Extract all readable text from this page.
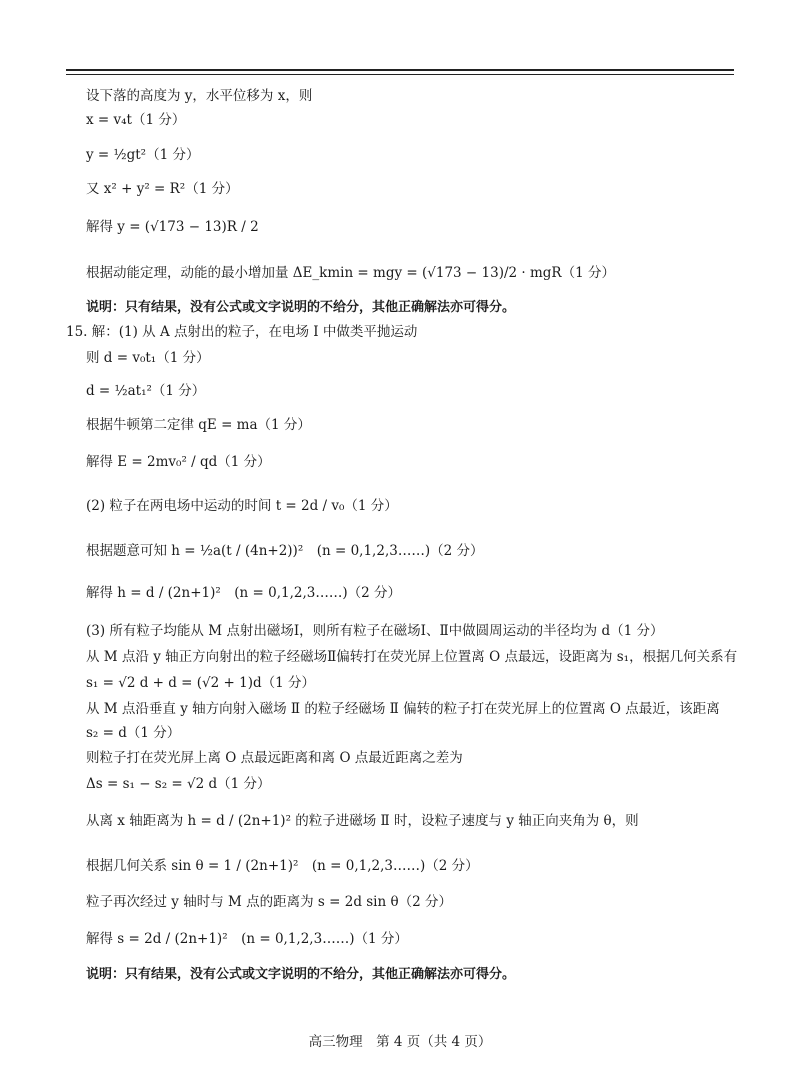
设下落的高度为 y，水平位移为 x，则
x = v₄t（1 分）
y = ½gt²（1 分）
又 x² + y² = R²（1 分）
解得 y = (√173 − 13)R / 2
根据动能定理，动能的最小增加量 ΔE_kmin = mgy = (√173 − 13)/2 · mgR（1 分）
说明：只有结果，没有公式或文字说明的不给分，其他正确解法亦可得分。
15. 解：(1) 从 A 点射出的粒子，在电场 Ⅰ 中做类平抛运动
则 d = v₀t₁（1 分）
d = ½at₁²（1 分）
根据牛顿第二定律 qE = ma（1 分）
解得 E = 2mv₀² / qd（1 分）
(2) 粒子在两电场中运动的时间 t = 2d / v₀（1 分）
根据题意可知 h = ½a(t / (4n+2))²　(n = 0,1,2,3……)（2 分）
解得 h = d / (2n+1)²　(n = 0,1,2,3……)（2 分）
(3) 所有粒子均能从 M 点射出磁场Ⅰ，则所有粒子在磁场Ⅰ、Ⅱ中做圆周运动的半径均为 d（1 分）
从 M 点沿 y 轴正方向射出的粒子经磁场Ⅱ偏转打在荧光屏上位置离 O 点最远，设距离为 s₁，根据几何关系有
s₁ = √2 d + d = (√2 + 1)d（1 分）
从 M 点沿垂直 y 轴方向射入磁场 Ⅱ 的粒子经磁场 Ⅱ 偏转的粒子打在荧光屏上的位置离 O 点最近，该距离
s₂ = d（1 分）
则粒子打在荧光屏上离 O 点最远距离和离 O 点最近距离之差为
Δs = s₁ − s₂ = √2 d（1 分）
从离 x 轴距离为 h = d / (2n+1)² 的粒子进磁场 Ⅱ 时，设粒子速度与 y 轴正向夹角为 θ，则
根据几何关系 sin θ = 1 / (2n+1)²　(n = 0,1,2,3……)（2 分）
粒子再次经过 y 轴时与 M 点的距离为 s = 2d sin θ（2 分）
解得 s = 2d / (2n+1)²　(n = 0,1,2,3……)（1 分）
说明：只有结果，没有公式或文字说明的不给分，其他正确解法亦可得分。
高三物理　第 4 页（共 4 页）
